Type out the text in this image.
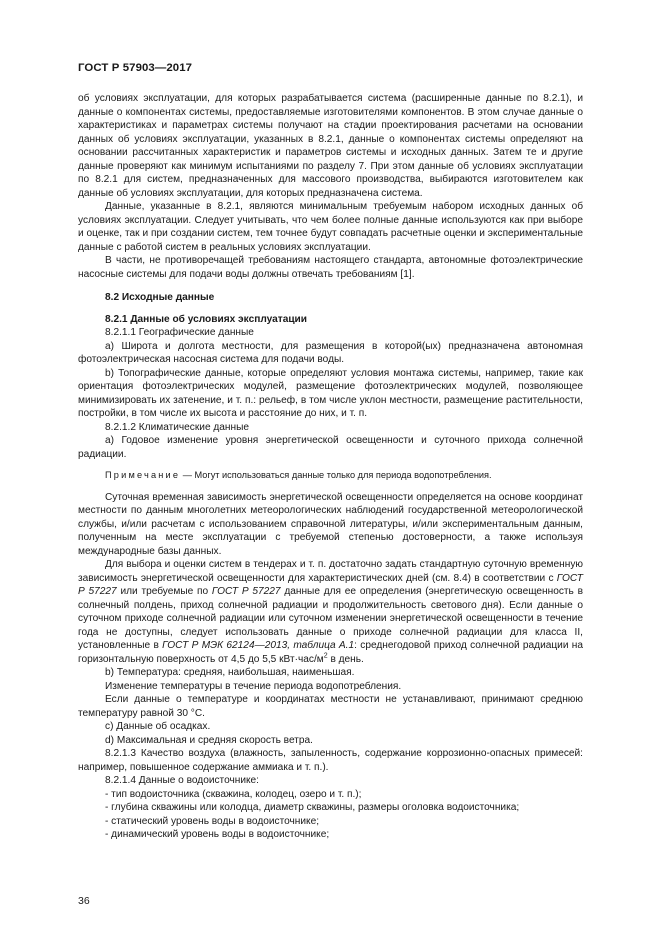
ГОСТ Р 57903—2017

об условиях эксплуатации, для которых разрабатывается система (расширенные данные по 8.2.1), и данные о компонентах системы, предоставляемые изготовителями компонентов. В этом случае данные о характеристиках и параметрах системы получают на стадии проектирования расчетами на основании данных об условиях эксплуатации, указанных в 8.2.1, данные о компонентах системы определяют на основании рассчитанных характеристик и параметров системы и исходных данных. Затем те и другие данные проверяют как минимум испытаниями по разделу 7. При этом данные об условиях эксплуатации по 8.2.1 для систем, предназначенных для массового производства, выбираются изготовителем как данные об условиях эксплуатации, для которых предназначена система.

Данные, указанные в 8.2.1, являются минимальным требуемым набором исходных данных об условиях эксплуатации. Следует учитывать, что чем более полные данные используются как при выборе и оценке, так и при создании систем, тем точнее будут совпадать расчетные оценки и экспериментальные данные с работой систем в реальных условиях эксплуатации.

В части, не противоречащей требованиям настоящего стандарта, автономные фотоэлектрические насосные системы для подачи воды должны отвечать требованиям [1].

8.2 Исходные данные

8.2.1 Данные об условиях эксплуатации

8.2.1.1 Географические данные

а) Широта и долгота местности, для размещения в которой(ых) предназначена автономная фотоэлектрическая насосная система для подачи воды.

b) Топографические данные, которые определяют условия монтажа системы, например, такие как ориентация фотоэлектрических модулей, размещение фотоэлектрических модулей, позволяющее минимизировать их затенение, и т. п.: рельеф, в том числе уклон местности, размещение растительности, постройки, в том числе их высота и расстояние до них, и т. п.

8.2.1.2 Климатические данные

а) Годовое изменение уровня энергетической освещенности и суточного прихода солнечной радиации.

Примечание — Могут использоваться данные только для периода водопотребления.

Суточная временная зависимость энергетической освещенности определяется на основе координат местности по данным многолетних метеорологических наблюдений государственной метеорологической службы, и/или расчетам с использованием справочной литературы, и/или экспериментальным данным, полученным на месте эксплуатации с требуемой степенью достоверности, а также используя международные базы данных.

Для выбора и оценки систем в тендерах и т. п. достаточно задать стандартную суточную временную зависимость энергетической освещенности для характеристических дней (см. 8.4) в соответствии с ГОСТ Р 57227 или требуемые по ГОСТ Р 57227 данные для ее определения (энергетическую освещенность в солнечный полдень, приход солнечной радиации и продолжительность светового дня). Если данные о суточном приходе солнечной радиации или суточном изменении энергетической освещенности в течение года не доступны, следует использовать данные о приходе солнечной радиации для класса II, установленные в ГОСТ Р МЭК 62124—2013, таблица А.1: среднегодовой приход солнечной радиации на горизонтальную поверхность от 4,5 до 5,5 $кВт\cdot час/м^2$ в день.

b) Температура: средняя, наибольшая, наименьшая.

Изменение температуры в течение периода водопотребления.

Если данные о температуре и координатах местности не устанавливают, принимают среднюю температуру равной 30 °С.

с) Данные об осадках.

d) Максимальная и средняя скорость ветра.

8.2.1.3 Качество воздуха (влажность, запыленность, содержание коррозионно-опасных примесей: например, повышенное содержание аммиака и т. п.).

8.2.1.4 Данные о водоисточнике:

- тип водоисточника (скважина, колодец, озеро и т. п.);

- глубина скважины или колодца, диаметр скважины, размеры оголовка водоисточника;

- статический уровень воды в водоисточнике;

- динамический уровень воды в водоисточнике;

36
